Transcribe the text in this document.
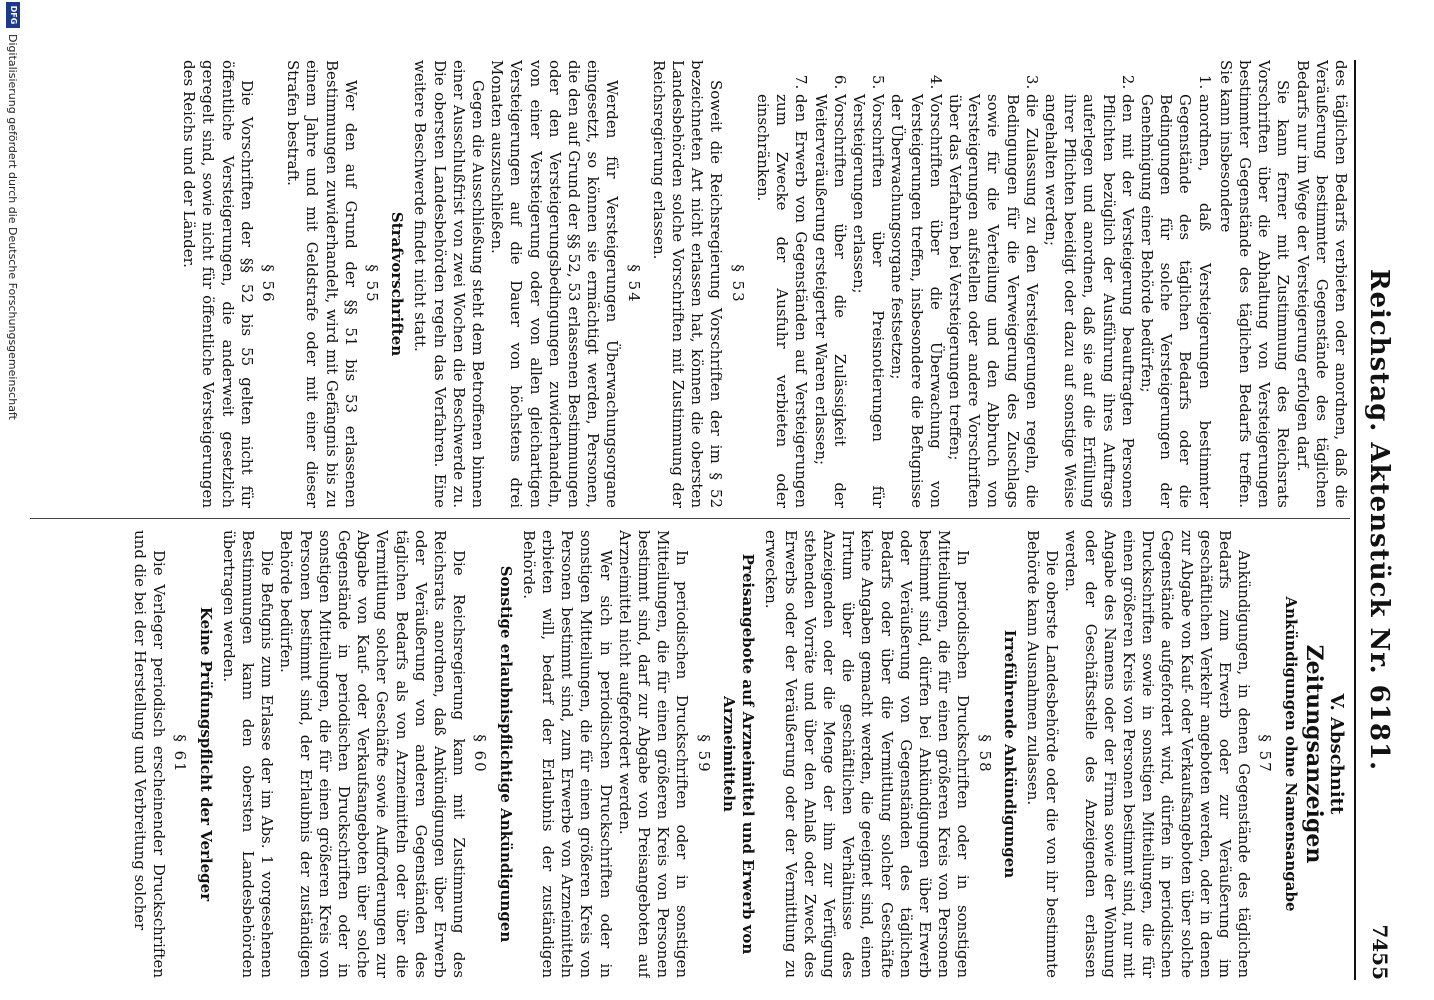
Reichstag. Aktenstück Nr. 6181.
7455

des täglichen Bedarfs verbieten oder anordnen, daß die Veräußerung bestimmter Gegenstände des täglichen Bedarfs nur im Wege der Versteigerung erfolgen darf.

Sie kann ferner mit Zustimmung des Reichsrats Vorschriften über die Abhaltung von Versteigerungen bestimmter Gegenstände des täglichen Bedarfs treffen. Sie kann insbesondere

1. anordnen, daß Versteigerungen bestimmter Gegenstände des täglichen Bedarfs oder die Bedingungen für solche Versteigerungen der Genehmigung einer Behörde bedürfen;
2. den mit der Versteigerung beauftragten Personen Pflichten bezüglich der Ausführung ihres Auftrags auferlegen und anordnen, daß sie auf die Erfüllung ihrer Pflichten beeidigt oder dazu auf sonstige Weise angehalten werden;
3. die Zulassung zu den Versteigerungen regeln, die Bedingungen für die Verweigerung des Zuschlags sowie für die Verteilung und den Abbruch von Versteigerungen aufstellen oder andere Vorschriften über das Verfahren bei Versteigerungen treffen;
4. Vorschriften über die Überwachung von Versteigerungen treffen, insbesondere die Befugnisse der Überwachungsorgane festsetzen;
5. Vorschriften über Preisnotierungen für Versteigerungen erlassen;
6. Vorschriften über die Zulässigkeit der Weiterveräußerung ersteigerter Waren erlassen;
7. den Erwerb von Gegenständen auf Versteigerungen zum Zwecke der Ausfuhr verbieten oder einschränken.
§ 53

Soweit die Reichsregierung Vorschriften der im § 52 bezeichneten Art nicht erlassen hat, können die obersten Landesbehörden solche Vorschriften mit Zustimmung der Reichsregierung erlassen.

§ 54

Werden für Versteigerungen Überwachungsorgane eingesetzt, so können sie ermächtigt werden, Personen, die den auf Grund der §§ 52, 53 erlassenen Bestimmungen oder den Versteigerungsbedingungen zuwiderhandeln, von einer Versteigerung oder von allen gleichartigen Versteigerungen auf die Dauer von höchstens drei Monaten auszuschließen.

Gegen die Ausschließung steht dem Betroffenen binnen einer Ausschlußfrist von zwei Wochen die Beschwerde zu. Die obersten Landesbehörden regeln das Verfahren. Eine weitere Beschwerde findet nicht statt.

Strafvorschriften
§ 55

Wer den auf Grund der §§ 51 bis 53 erlassenen Bestimmungen zuwiderhandelt, wird mit Gefängnis bis zu einem Jahre und mit Geldstrafe oder mit einer dieser Strafen bestraft.

§ 56

Die Vorschriften der §§ 52 bis 55 gelten nicht für öffentliche Versteigerungen, die anderweit gesetzlich geregelt sind, sowie nicht für öffentliche Versteigerungen des Reichs und der Länder.

V. Abschnitt
Zeitungsanzeigen
Ankündigungen ohne Namensangabe
§ 57

Ankündigungen, in denen Gegenstände des täglichen Bedarfs zum Erwerb oder zur Veräußerung im geschäftlichen Verkehr angeboten werden, oder in denen zur Abgabe von Kauf- oder Verkaufsangeboten über solche Gegenstände aufgefordert wird, dürfen in periodischen Druckschriften sowie in sonstigen Mitteilungen, die für einen größeren Kreis von Personen bestimmt sind, nur mit Angabe des Namens oder der Firma sowie der Wohnung oder der Geschäftsstelle des Anzeigenden erlassen werden.

Die oberste Landesbehörde oder die von ihr bestimmte Behörde kann Ausnahmen zulassen.

Irreführende Ankündigungen
§ 58

In periodischen Druckschriften oder in sonstigen Mitteilungen, die für einen größeren Kreis von Personen bestimmt sind, dürfen bei Ankündigungen über Erwerb oder Veräußerung von Gegenständen des täglichen Bedarfs oder über die Vermittlung solcher Geschäfte keine Angaben gemacht werden, die geeignet sind, einen Irrtum über die geschäftlichen Verhältnisse des Anzeigenden oder die Menge der ihm zur Verfügung stehenden Vorräte und über den Anlaß oder Zweck des Erwerbs oder der Veräußerung oder der Vermittlung zu erwecken.

Preisangebote auf Arzneimittel und Erwerb von Arzneimitteln
§ 59

In periodischen Druckschriften oder in sonstigen Mitteilungen, die für einen größeren Kreis von Personen bestimmt sind, darf zur Abgabe von Preisangeboten auf Arzneimittel nicht aufgefordert werden.

Wer sich in periodischen Druckschriften oder in sonstigen Mitteilungen, die für einen größeren Kreis von Personen bestimmt sind, zum Erwerbe von Arzneimitteln erbieten will, bedarf der Erlaubnis der zuständigen Behörde.

Sonstige erlaubnispflichtige Ankündigungen
§ 60

Die Reichsregierung kann mit Zustimmung des Reichsrats anordnen, daß Ankündigungen über Erwerb oder Veräußerung von anderen Gegenständen des täglichen Bedarfs als von Arzneimitteln oder über die Vermittlung solcher Geschäfte sowie Aufforderungen zur Abgabe von Kauf- oder Verkaufsangeboten über solche Gegenstände in periodischen Druckschriften oder in sonstigen Mitteilungen, die für einen größeren Kreis von Personen bestimmt sind, der Erlaubnis der zuständigen Behörde bedürfen.

Die Befugnis zum Erlasse der im Abs. 1 vorgesehenen Bestimmungen kann den obersten Landesbehörden übertragen werden.

Keine Prüfungspflicht der Verleger
§ 61

Die Verleger periodisch erscheinender Druckschriften und die bei der Herstellung und Verbreitung solcher

DFG
Digitalisierung gefördert durch die Deutsche Forschungsgemeinschaft
